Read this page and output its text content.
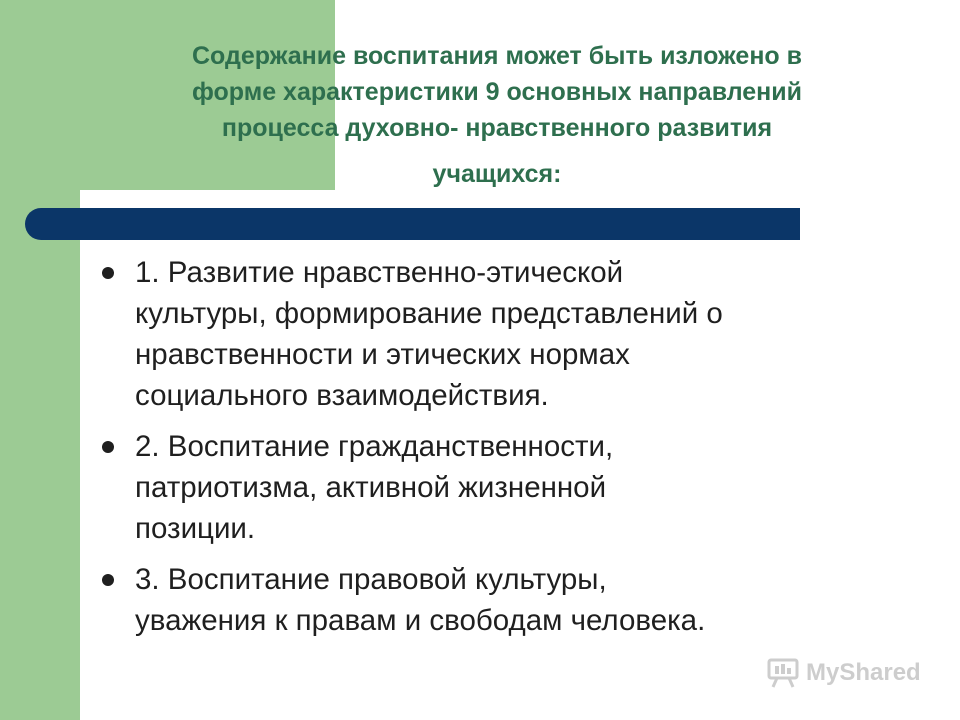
Содержание воспитания может быть изложено в
форме характеристики 9 основных направлений
процесса духовно- нравственного развития
учащихся:
1. Развитие нравственно-этической
культуры, формирование представлений о
нравственности и этических нормах
социального взаимодействия.
2. Воспитание гражданственности,
патриотизма, активной жизненной
позиции.
3. Воспитание правовой культуры,
уважения к правам и свободам человека.
MyShared
